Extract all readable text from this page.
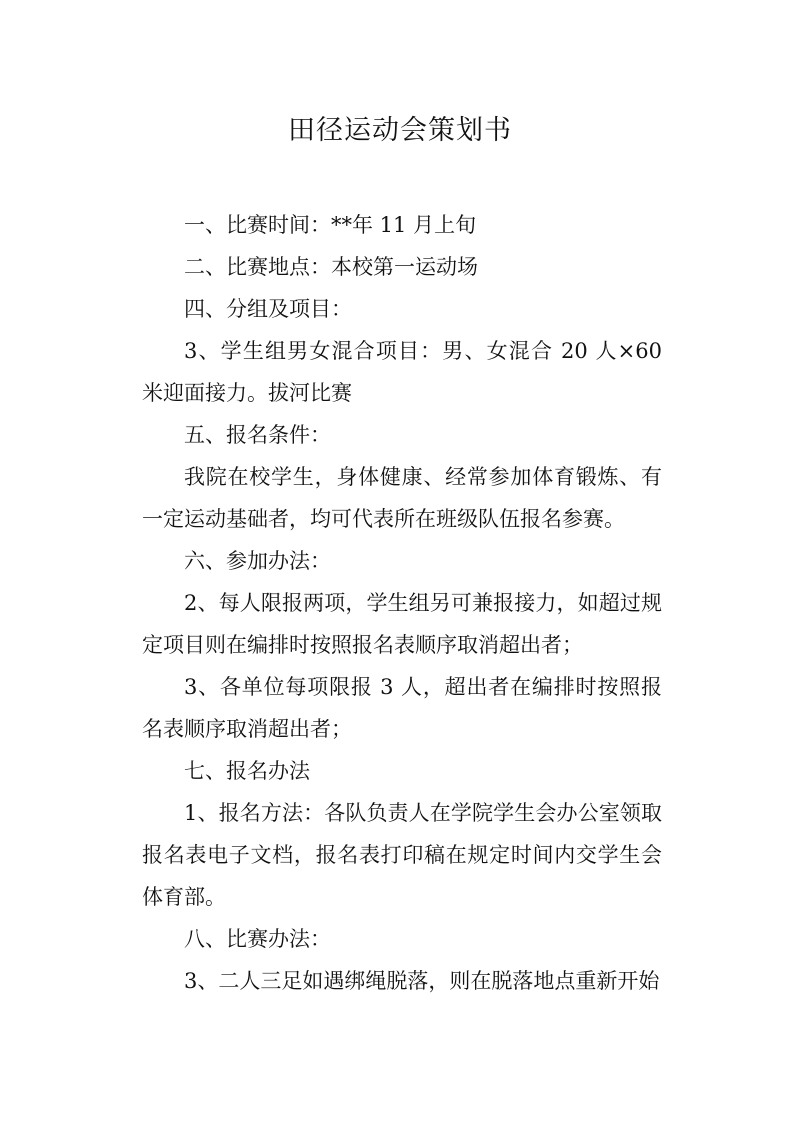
田径运动会策划书

一、比赛时间：**年 11 月上旬

二、比赛地点：本校第一运动场

四、分组及项目：

3、学生组男女混合项目：男、女混合 20 人×60 米迎面接力。拔河比赛

五、报名条件：

我院在校学生，身体健康、经常参加体育锻炼、有一定运动基础者，均可代表所在班级队伍报名参赛。

六、参加办法：

2、每人限报两项，学生组另可兼报接力，如超过规定项目则在编排时按照报名表顺序取消超出者；

3、各单位每项限报 3 人，超出者在编排时按照报名表顺序取消超出者；

七、报名办法

1、报名方法：各队负责人在学院学生会办公室领取报名表电子文档，报名表打印稿在规定时间内交学生会体育部。

八、比赛办法：

3、二人三足如遇绑绳脱落，则在脱落地点重新开始
